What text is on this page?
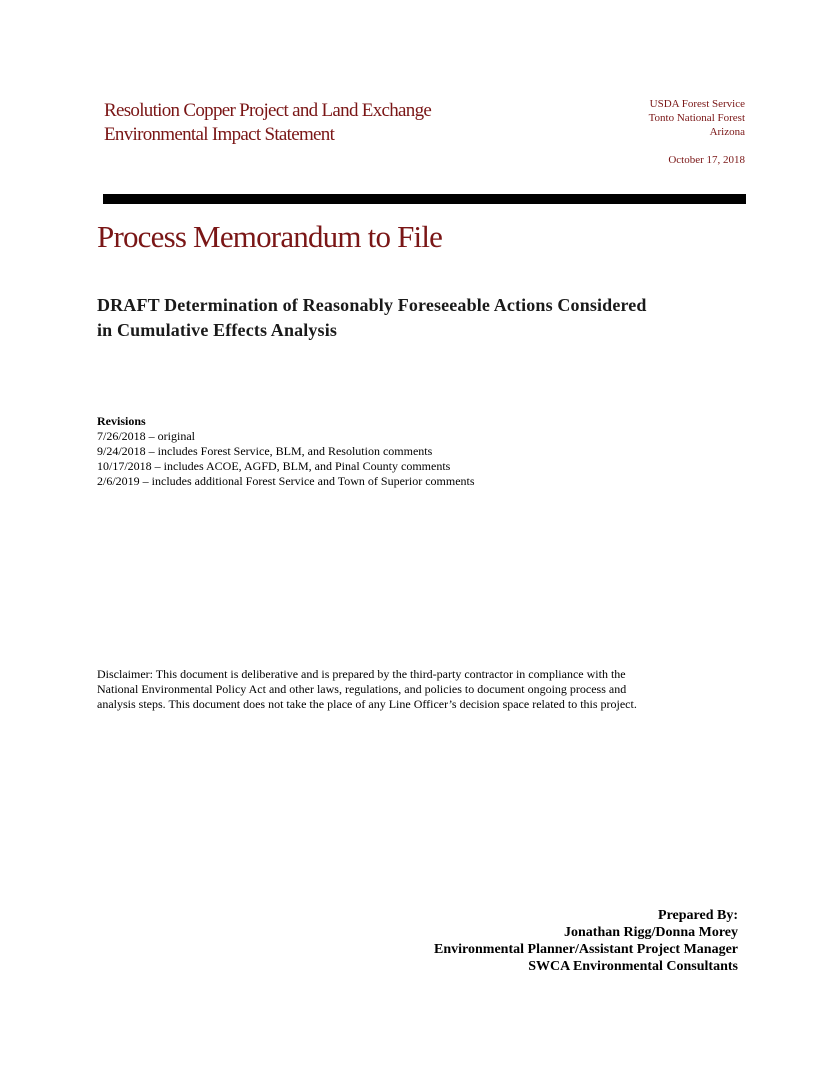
Resolution Copper Project and Land Exchange
Environmental Impact Statement
USDA Forest Service
Tonto National Forest
Arizona
October 17, 2018
Process Memorandum to File
DRAFT Determination of Reasonably Foreseeable Actions Considered
in Cumulative Effects Analysis
Revisions
7/26/2018 – original
9/24/2018 – includes Forest Service, BLM, and Resolution comments
10/17/2018 – includes ACOE, AGFD, BLM, and Pinal County comments
2/6/2019 – includes additional Forest Service and Town of Superior comments
Disclaimer: This document is deliberative and is prepared by the third-party contractor in compliance with the
National Environmental Policy Act and other laws, regulations, and policies to document ongoing process and
analysis steps. This document does not take the place of any Line Officer’s decision space related to this project.
Prepared By:
Jonathan Rigg/Donna Morey
Environmental Planner/Assistant Project Manager
SWCA Environmental Consultants
